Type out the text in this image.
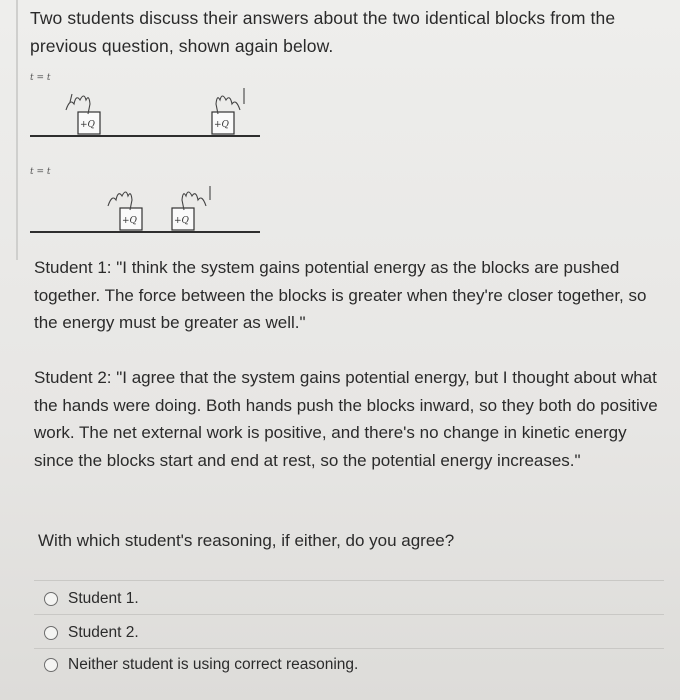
Two students discuss their answers about the two identical blocks from the previous question, shown again below.
t = t
+Q	+Q
t = t
+Q	+Q
Student 1: "I think the system gains potential energy as the blocks are pushed together. The force between the blocks is greater when they're closer together, so the energy must be greater as well."
Student 2: "I agree that the system gains potential energy, but I thought about what the hands were doing. Both hands push the blocks inward, so they both do positive work. The net external work is positive, and there's no change in kinetic energy since the blocks start and end at rest, so the potential energy increases."
With which student's reasoning, if either, do you agree?
Student 1.
Student 2.
Neither student is using correct reasoning.
